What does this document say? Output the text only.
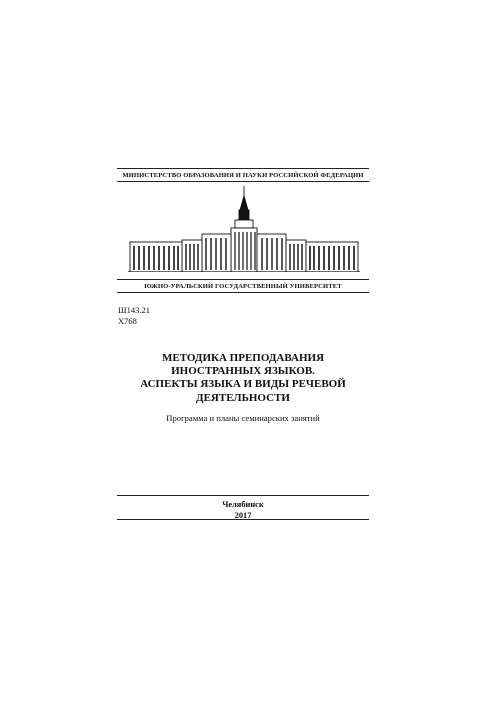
МИНИСТЕРСТВО ОБРАЗОВАНИЯ И НАУКИ РОССИЙСКОЙ ФЕДЕРАЦИИ
ЮЖНО-УРАЛЬСКИЙ ГОСУДАРСТВЕННЫЙ УНИВЕРСИТЕТ
Ш143.21
Х768
МЕТОДИКА ПРЕПОДАВАНИЯ
ИНОСТРАННЫХ ЯЗЫКОВ.
АСПЕКТЫ ЯЗЫКА И ВИДЫ РЕЧЕВОЙ
ДЕЯТЕЛЬНОСТИ
Программа и планы семинарских занятий
Челябинск
2017
